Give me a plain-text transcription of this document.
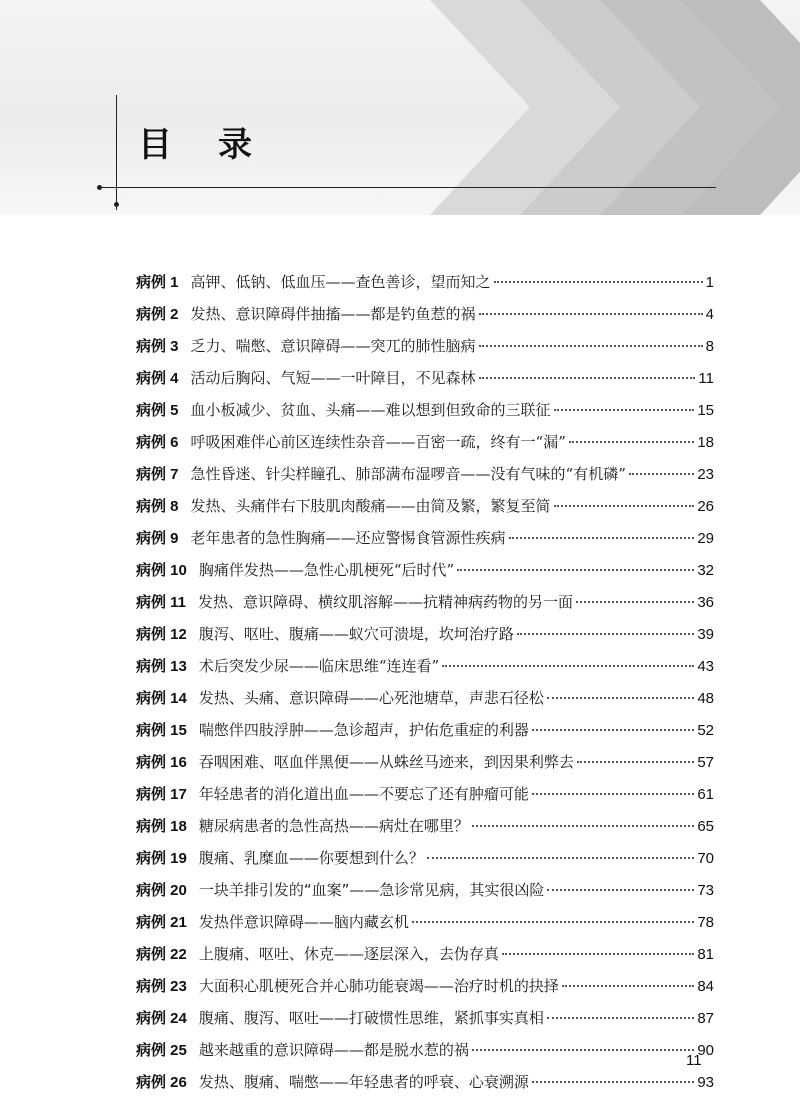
目录
病例 1 高钾、低钠、低血压——查色善诊，望而知之	1
病例 2 发热、意识障碍伴抽搐——都是钓鱼惹的祸	4
病例 3 乏力、喘憋、意识障碍——突兀的肺性脑病	8
病例 4 活动后胸闷、气短——一叶障目，不见森林	11
病例 5 血小板减少、贫血、头痛——难以想到但致命的三联征	15
病例 6 呼吸困难伴心前区连续性杂音——百密一疏，终有一“漏”	18
病例 7 急性昏迷、针尖样瞳孔、肺部满布湿啰音——没有气味的“有机磷”	23
病例 8 发热、头痛伴右下肢肌肉酸痛——由简及繁，繁复至简	26
病例 9 老年患者的急性胸痛——还应警惕食管源性疾病	29
病例 10 胸痛伴发热——急性心肌梗死“后时代”	32
病例 11 发热、意识障碍、横纹肌溶解——抗精神病药物的另一面	36
病例 12 腹泻、呕吐、腹痛——蚁穴可溃堤，坎坷治疗路	39
病例 13 术后突发少尿——临床思维“连连看”	43
病例 14 发热、头痛、意识障碍——心死池塘草，声悲石径松	48
病例 15 喘憋伴四肢浮肿——急诊超声，护佑危重症的利器	52
病例 16 吞咽困难、呕血伴黑便——从蛛丝马迹来，到因果利弊去	57
病例 17 年轻患者的消化道出血——不要忘了还有肿瘤可能	61
病例 18 糖尿病患者的急性高热——病灶在哪里？	65
病例 19 腹痛、乳糜血——你要想到什么？	70
病例 20 一块羊排引发的“血案”——急诊常见病，其实很凶险	73
病例 21 发热伴意识障碍——脑内藏玄机	78
病例 22 上腹痛、呕吐、休克——逐层深入，去伪存真	81
病例 23 大面积心肌梗死合并心肺功能衰竭——治疗时机的抉择	84
病例 24 腹痛、腹泻、呕吐——打破惯性思维，紧抓事实真相	87
病例 25 越来越重的意识障碍——都是脱水惹的祸	90
病例 26 发热、腹痛、喘憋——年轻患者的呼衰、心衰溯源	93
11
